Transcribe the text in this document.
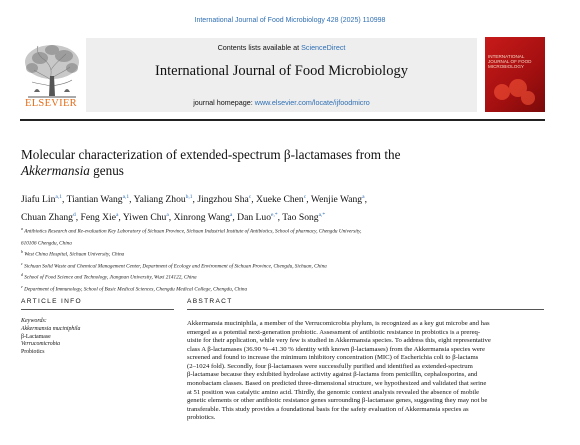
International Journal of Food Microbiology 428 (2025) 110998
Contents lists available at ScienceDirect
International Journal of Food Microbiology
journal homepage: www.elsevier.com/locate/ijfoodmicro
ELSEVIER
INTERNATIONAL JOURNAL OF FOOD MICROBIOLOGY
Molecular characterization of extended-spectrum β-lactamases from the
Akkermansia genus
Jiafu Lin$^{a,1}$, Tiantian Wang$^{a,1}$, Yaliang Zhou$^{b,1}$, Jingzhou Sha$^c$, Xueke Chen$^c$, Wenjie Wang$^a$,
Chuan Zhang$^d$, Feng Xie$^a$, Yiwen Chu$^a$, Xinrong Wang$^a$, Dan Luo$^{e,*}$, Tao Song$^{a,*}$
$^a$ Antibiotics Research and Re-evaluation Key Laboratory of Sichuan Province, Sichuan Industrial Institute of Antibiotics, School of pharmacy, Chengdu University,
610106 Chengdu, China
$^b$ West China Hospital, Sichuan University, China
$^c$ Sichuan Solid Waste and Chemical Management Center, Department of Ecology and Environment of Sichuan Province, Chengdu, Sichuan, China
$^d$ School of Food Science and Technology, Jiangnan University, Wuxi 214122, China
$^e$ Department of Immunology, School of Basic Medical Sciences, Chengdu Medical College, Chengdu, China
ARTICLE INFO
Keywords:
Akkermansia muciniphila
β-Lactamase
Verrucomicrobia
Probiotics
ABSTRACT
Akkermansia muciniphila, a member of the Verrucomicrobia phylum, is recognized as a key gut microbe and has
emerged as a potential next-generation probiotic. Assessment of antibiotic resistance in probiotics is a prereq-
uisite for their application, while very few is studied in Akkermansia species. To address this, eight representative
class A β-lactamases (36.90 %–41.30 % identity with known β-lactamases) from the Akkermansia species were
screened and found to increase the minimum inhibitory concentration (MIC) of Escherichia coli to β-lactams
(2–1024 fold). Secondly, four β-lactamases were successfully purified and identified as extended-spectrum
β-lactamase because they exhibited hydrolase activity against β-lactams from penicillin, cephalosporins, and
monobactam classes. Based on predicted three-dimensional structure, we hypothesized and validated that serine
at 51 position was catalytic amino acid. Thirdly, the genomic context analysis revealed the absence of mobile
genetic elements or other antibiotic resistance genes surrounding β-lactamase genes, suggesting they may not be
transferable. This study provides a foundational basis for the safety evaluation of Akkermansia species as
probiotics.
